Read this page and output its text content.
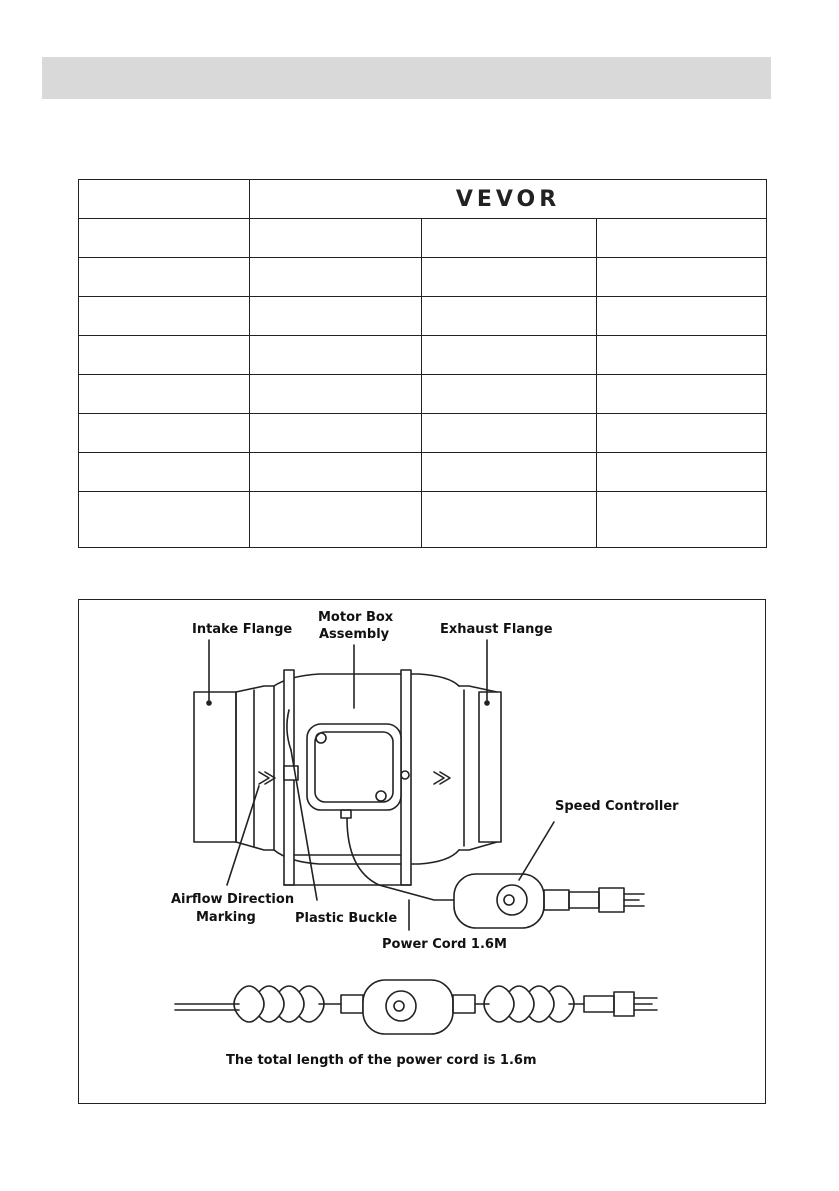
	VEVOR		

Intake Flange
Motor Box
Assembly	Exhaust Flange
Speed Controller
Airflow Direction
Marking	Plastic Buckle
Power Cord 1.6M
The total length of the power cord is 1.6m
